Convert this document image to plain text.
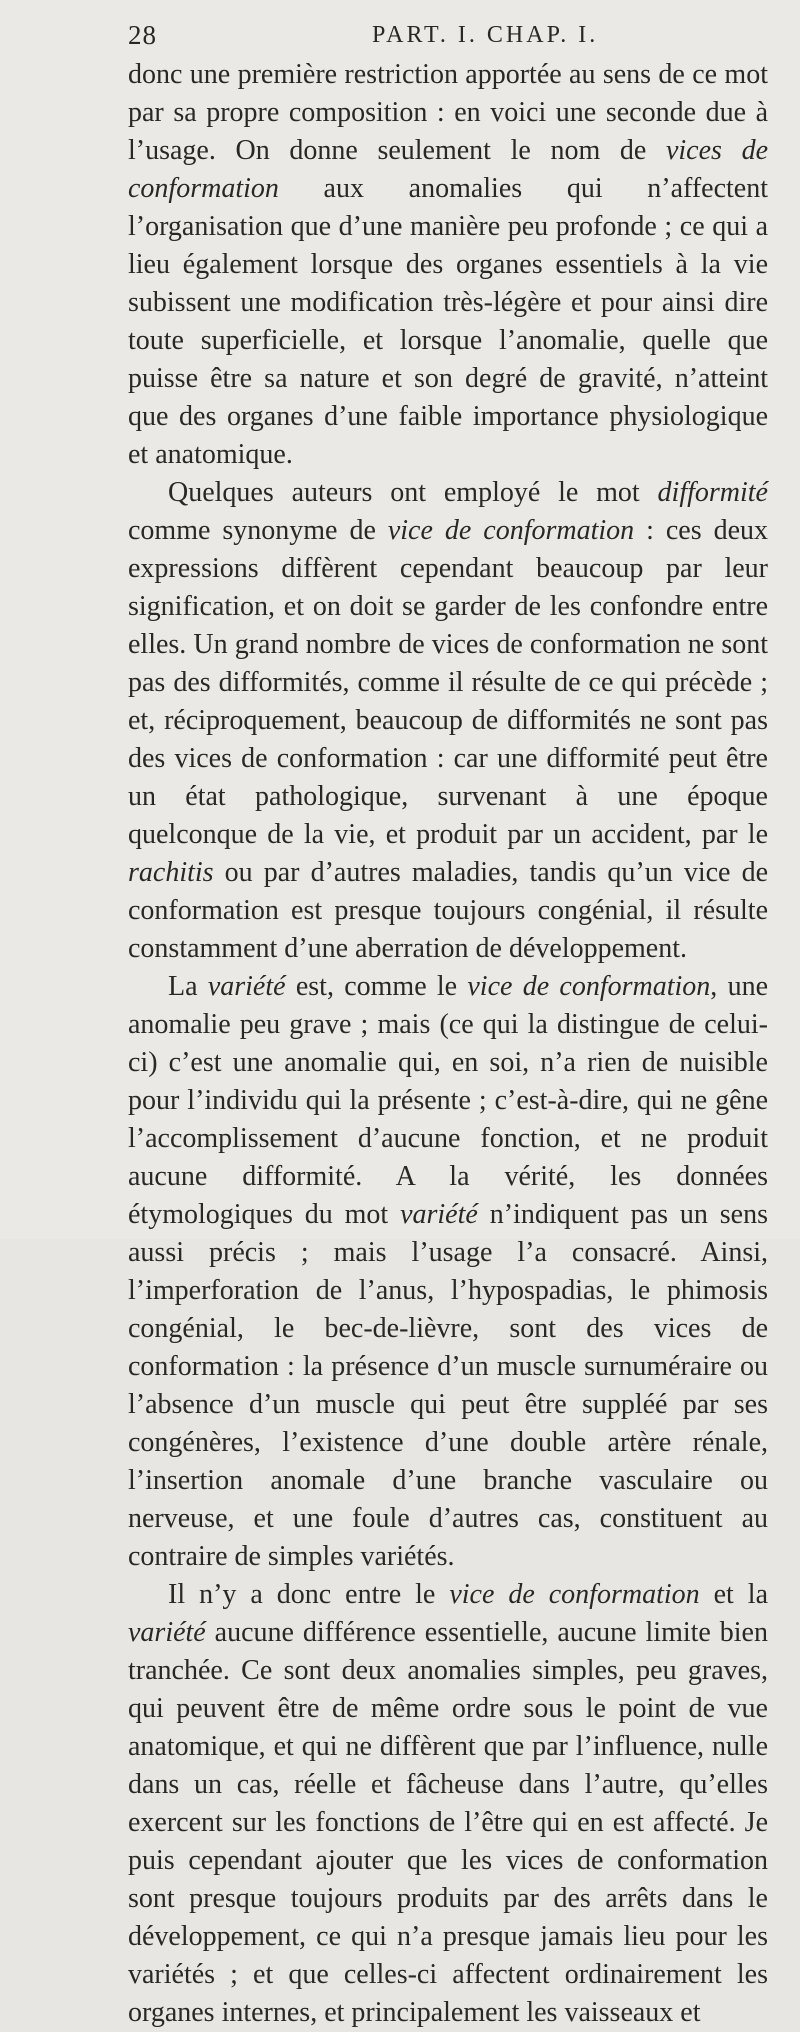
28	PART. I. CHAP. I.

donc une première restriction apportée au sens de ce mot par sa propre composition : en voici une seconde due à l’usage. On donne seulement le nom de vices de conformation aux anomalies qui n’affectent l’organisation que d’une manière peu profonde ; ce qui a lieu également lorsque des organes essentiels à la vie subissent une modification très-légère et pour ainsi dire toute superficielle, et lorsque l’anomalie, quelle que puisse être sa nature et son degré de gravité, n’atteint que des organes d’une faible importance physiologique et anatomique.

Quelques auteurs ont employé le mot difformité comme synonyme de vice de conformation : ces deux expressions diffèrent cependant beaucoup par leur signification, et on doit se garder de les confondre entre elles. Un grand nombre de vices de conformation ne sont pas des difformités, comme il résulte de ce qui précède ; et, réciproquement, beaucoup de difformités ne sont pas des vices de conformation : car une difformité peut être un état pathologique, survenant à une époque quelconque de la vie, et produit par un accident, par le rachitis ou par d’autres maladies, tandis qu’un vice de conformation est presque toujours congénial, il résulte constamment d’une aberration de développement.

La variété est, comme le vice de conformation, une anomalie peu grave ; mais (ce qui la distingue de celui-ci) c’est une anomalie qui, en soi, n’a rien de nuisible pour l’individu qui la présente ; c’est-à-dire, qui ne gêne l’accomplissement d’aucune fonction, et ne produit aucune difformité. A la vérité, les données étymologiques du mot variété n’indiquent pas un sens aussi précis ; mais l’usage l’a consacré. Ainsi, l’imperforation de l’anus, l’hypospadias, le phimosis congénial, le bec-de-lièvre, sont des vices de conformation : la présence d’un muscle surnuméraire ou l’absence d’un muscle qui peut être suppléé par ses congénères, l’existence d’une double artère rénale, l’insertion anomale d’une branche vasculaire ou nerveuse, et une foule d’autres cas, constituent au contraire de simples variétés.

Il n’y a donc entre le vice de conformation et la variété aucune différence essentielle, aucune limite bien tranchée. Ce sont deux anomalies simples, peu graves, qui peuvent être de même ordre sous le point de vue anatomique, et qui ne diffèrent que par l’influence, nulle dans un cas, réelle et fâcheuse dans l’autre, qu’elles exercent sur les fonctions de l’être qui en est affecté. Je puis cependant ajouter que les vices de conformation sont presque toujours produits par des arrêts dans le développement, ce qui n’a presque jamais lieu pour les variétés ; et que celles-ci affectent ordinairement les organes internes, et principalement les vaisseaux et
